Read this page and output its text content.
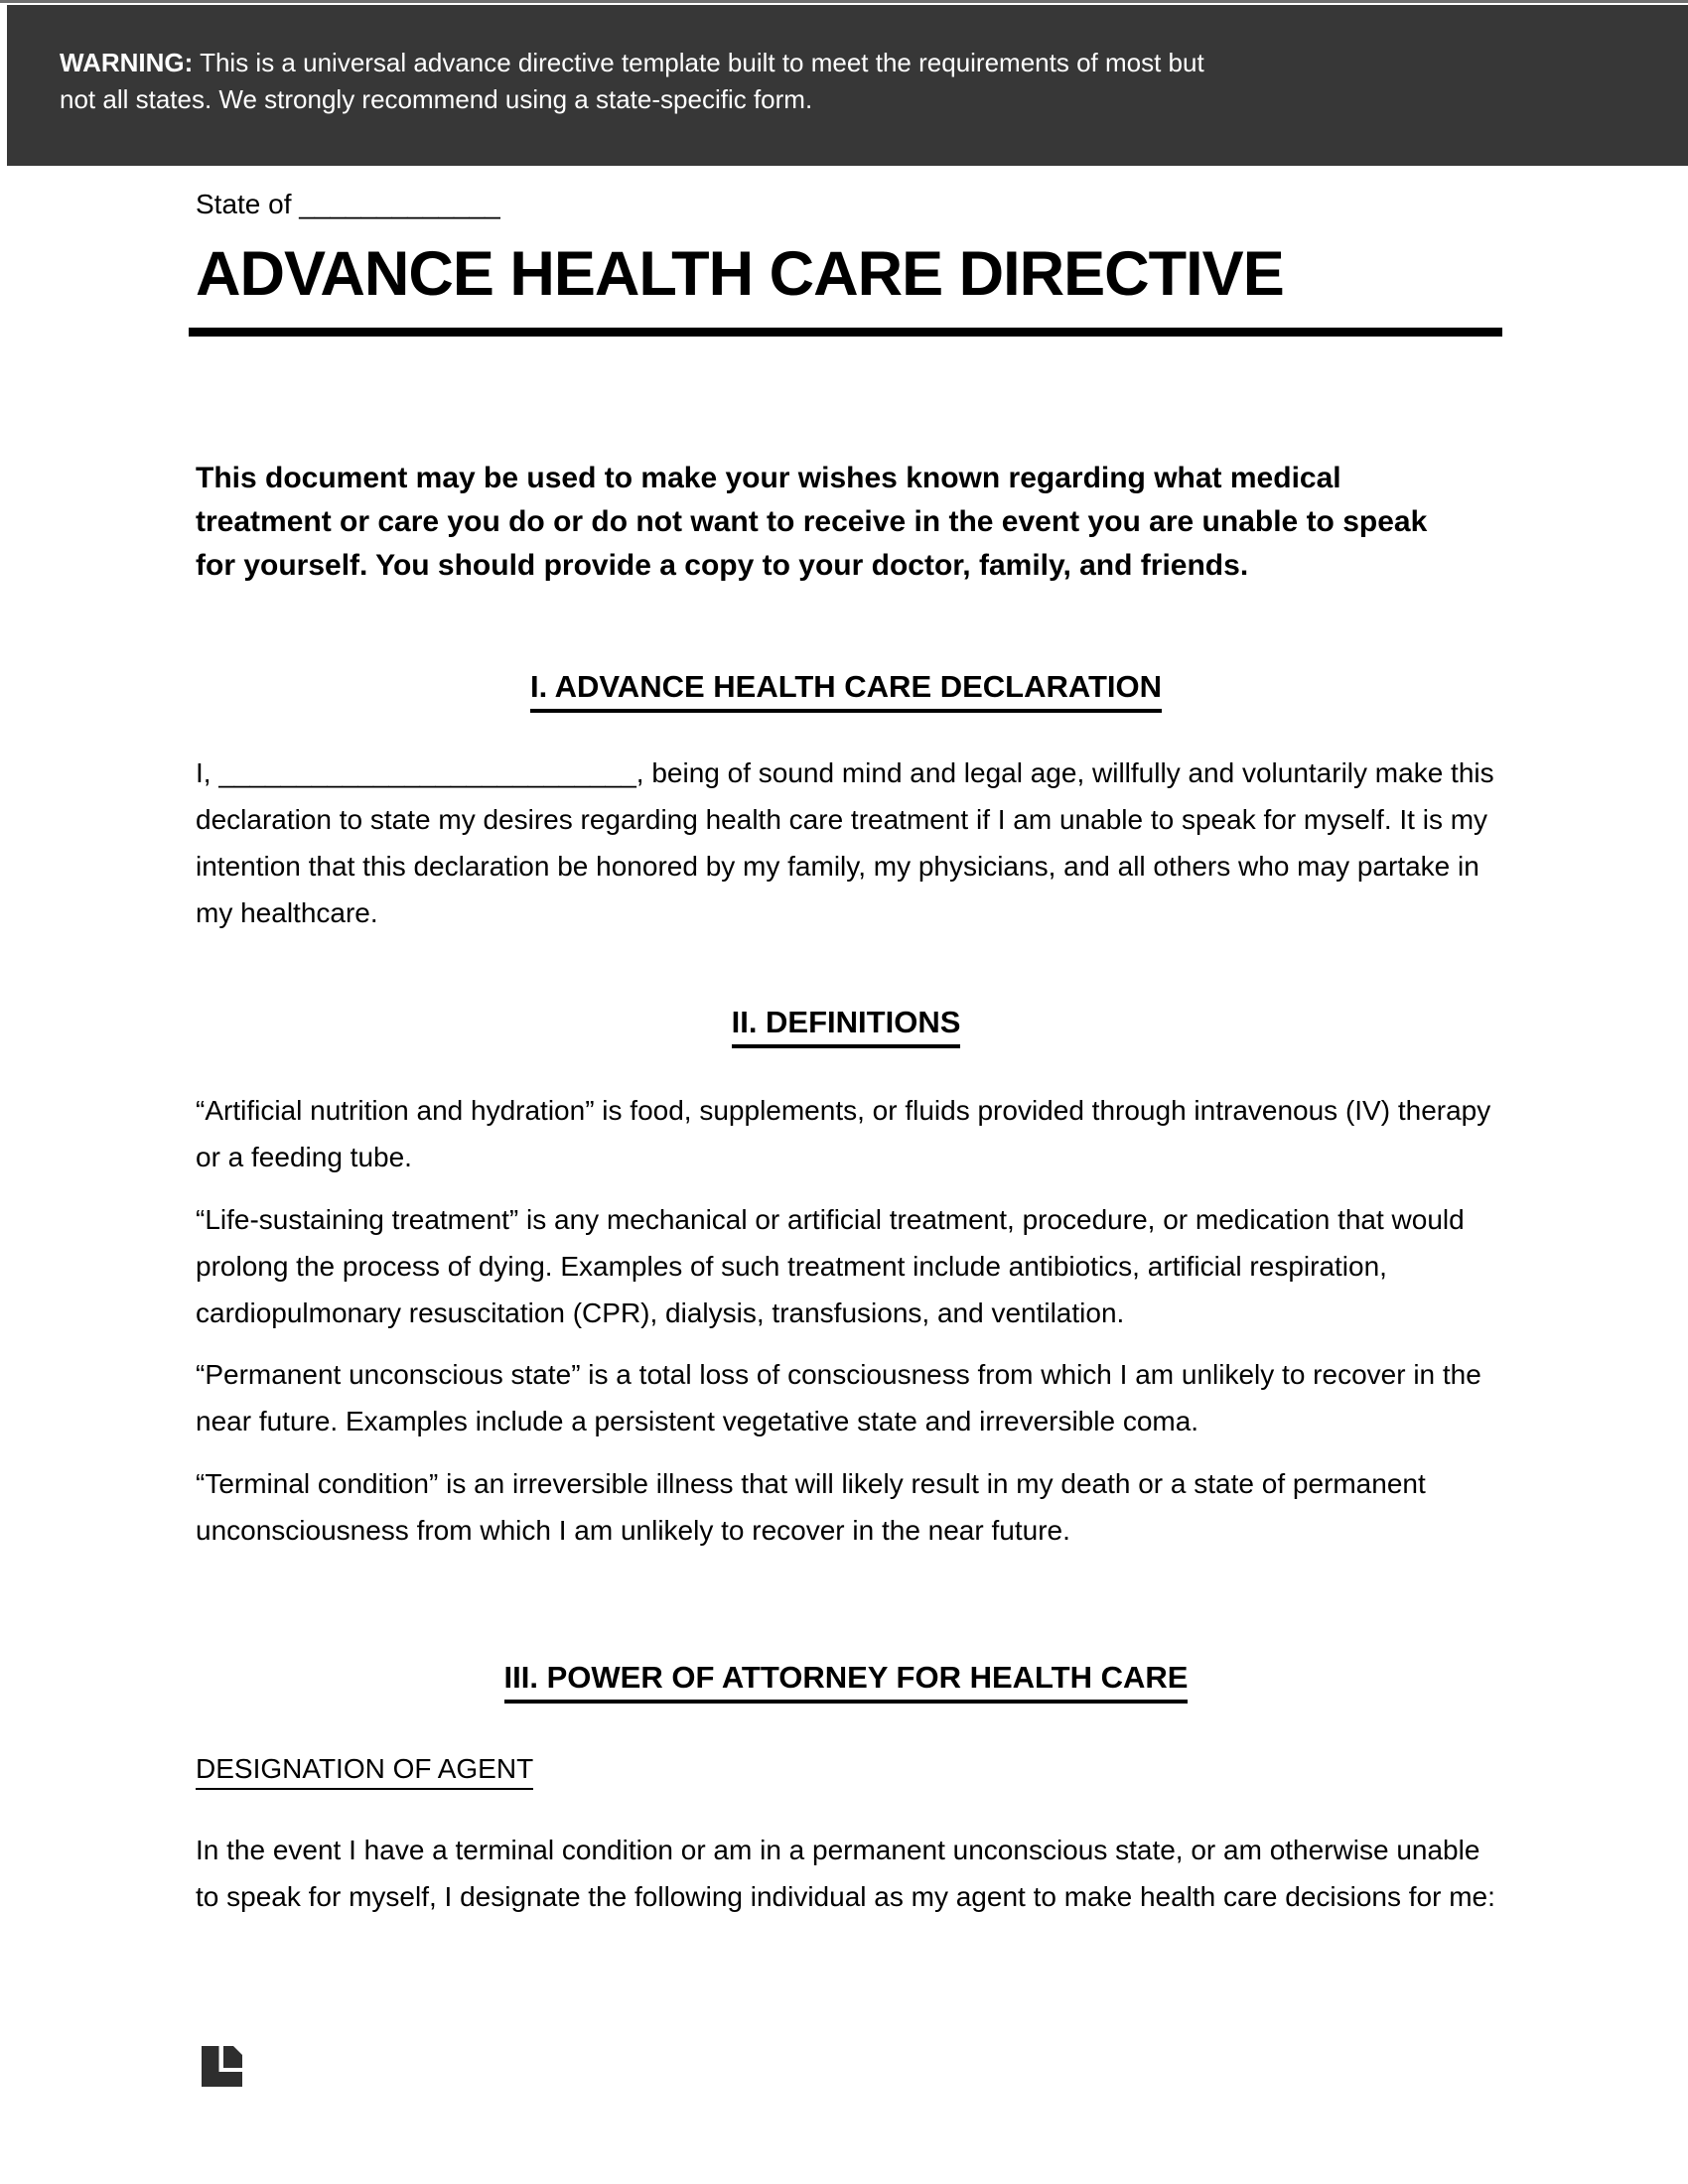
WARNING: This is a universal advance directive template built to meet the requirements of most but not all states. We strongly recommend using a state-specific form.
State of _____________
ADVANCE HEALTH CARE DIRECTIVE

This document may be used to make your wishes known regarding what medical treatment or care you do or do not want to receive in the event you are unable to speak for yourself. You should provide a copy to your doctor, family, and friends.

I. ADVANCE HEALTH CARE DECLARATION

I, ___________________________, being of sound mind and legal age, willfully and voluntarily make this declaration to state my desires regarding health care treatment if I am unable to speak for myself. It is my intention that this declaration be honored by my family, my physicians, and all others who may partake in my healthcare.

II. DEFINITIONS

“Artificial nutrition and hydration” is food, supplements, or fluids provided through intravenous (IV) therapy or a feeding tube.

“Life-sustaining treatment” is any mechanical or artificial treatment, procedure, or medication that would prolong the process of dying. Examples of such treatment include antibiotics, artificial respiration, cardiopulmonary resuscitation (CPR), dialysis, transfusions, and ventilation.

“Permanent unconscious state” is a total loss of consciousness from which I am unlikely to recover in the near future. Examples include a persistent vegetative state and irreversible coma.

“Terminal condition” is an irreversible illness that will likely result in my death or a state of permanent unconsciousness from which I am unlikely to recover in the near future.

III. POWER OF ATTORNEY FOR HEALTH CARE
DESIGNATION OF AGENT

In the event I have a terminal condition or am in a permanent unconscious state, or am otherwise unable to speak for myself, I designate the following individual as my agent to make health care decisions for me:
